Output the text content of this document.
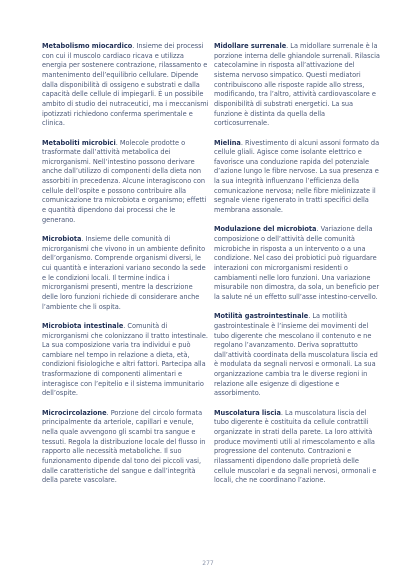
Metabolismo miocardico. Insieme dei processi con cui il muscolo cardiaco ricava e utilizza energia per sostenere contrazione, rilassamento e mantenimento dell’equilibrio cellulare. Dipende dalla disponibilità di ossigeno e substrati e dalla capacità delle cellule di impiegarli. È un possibile ambito di studio dei nutraceutici, ma i meccanismi ipotizzati richiedono conferma sperimentale e clinica.

Metaboliti microbici. Molecole prodotte o trasformate dall’attività metabolica dei microrganismi. Nell’intestino possono derivare anche dall’utilizzo di componenti della dieta non assorbiti in precedenza. Alcune interagiscono con cellule dell’ospite e possono contribuire alla comunicazione tra microbiota e organismo; effetti e quantità dipendono dai processi che le generano.

Microbiota. Insieme delle comunità di microrganismi che vivono in un ambiente definito dell’organismo. Comprende organismi diversi, le cui quantità e interazioni variano secondo la sede e le condizioni locali. Il termine indica i microrganismi presenti, mentre la descrizione delle loro funzioni richiede di considerare anche l’ambiente che li ospita.

Microbiota intestinale. Comunità di microrganismi che colonizzano il tratto intestinale. La sua composizione varia tra individui e può cambiare nel tempo in relazione a dieta, età, condizioni fisiologiche e altri fattori. Partecipa alla trasformazione di componenti alimentari e interagisce con l’epitelio e il sistema immunitario dell’ospite.

Microcircolazione. Porzione del circolo formata principalmente da arteriole, capillari e venule, nella quale avvengono gli scambi tra sangue e tessuti. Regola la distribuzione locale del flusso in rapporto alle necessità metaboliche. Il suo funzionamento dipende dal tono dei piccoli vasi, dalle caratteristiche del sangue e dall’integrità della parete vascolare.

Midollare surrenale. La midollare surrenale è la porzione interna delle ghiandole surrenali. Rilascia catecolamine in risposta all’attivazione del sistema nervoso simpatico. Questi mediatori contribuiscono alle risposte rapide allo stress, modificando, tra l’altro, attività cardiovascolare e disponibilità di substrati energetici. La sua funzione è distinta da quella della corticosurrenale.

Mielina. Rivestimento di alcuni assoni formato da cellule gliali. Agisce come isolante elettrico e favorisce una conduzione rapida del potenziale d’azione lungo le fibre nervose. La sua presenza e la sua integrità influenzano l’efficienza della comunicazione nervosa; nelle fibre mielinizzate il segnale viene rigenerato in tratti specifici della membrana assonale.

Modulazione del microbiota. Variazione della composizione o dell’attività delle comunità microbiche in risposta a un intervento o a una condizione. Nel caso dei probiotici può riguardare interazioni con microrganismi residenti o cambiamenti nelle loro funzioni. Una variazione misurabile non dimostra, da sola, un beneficio per la salute né un effetto sull’asse intestino-cervello.

Motilità gastrointestinale. La motilità gastrointestinale è l’insieme dei movimenti del tubo digerente che mescolano il contenuto e ne regolano l’avanzamento. Deriva soprattutto dall’attività coordinata della muscolatura liscia ed è modulata da segnali nervosi e ormonali. La sua organizzazione cambia tra le diverse regioni in relazione alle esigenze di digestione e assorbimento.

Muscolatura liscia. La muscolatura liscia del tubo digerente è costituita da cellule contrattili organizzate in strati della parete. La loro attività produce movimenti utili al rimescolamento e alla progressione del contenuto. Contrazioni e rilassamenti dipendono dalle proprietà delle cellule muscolari e da segnali nervosi, ormonali e locali, che ne coordinano l’azione.

277
